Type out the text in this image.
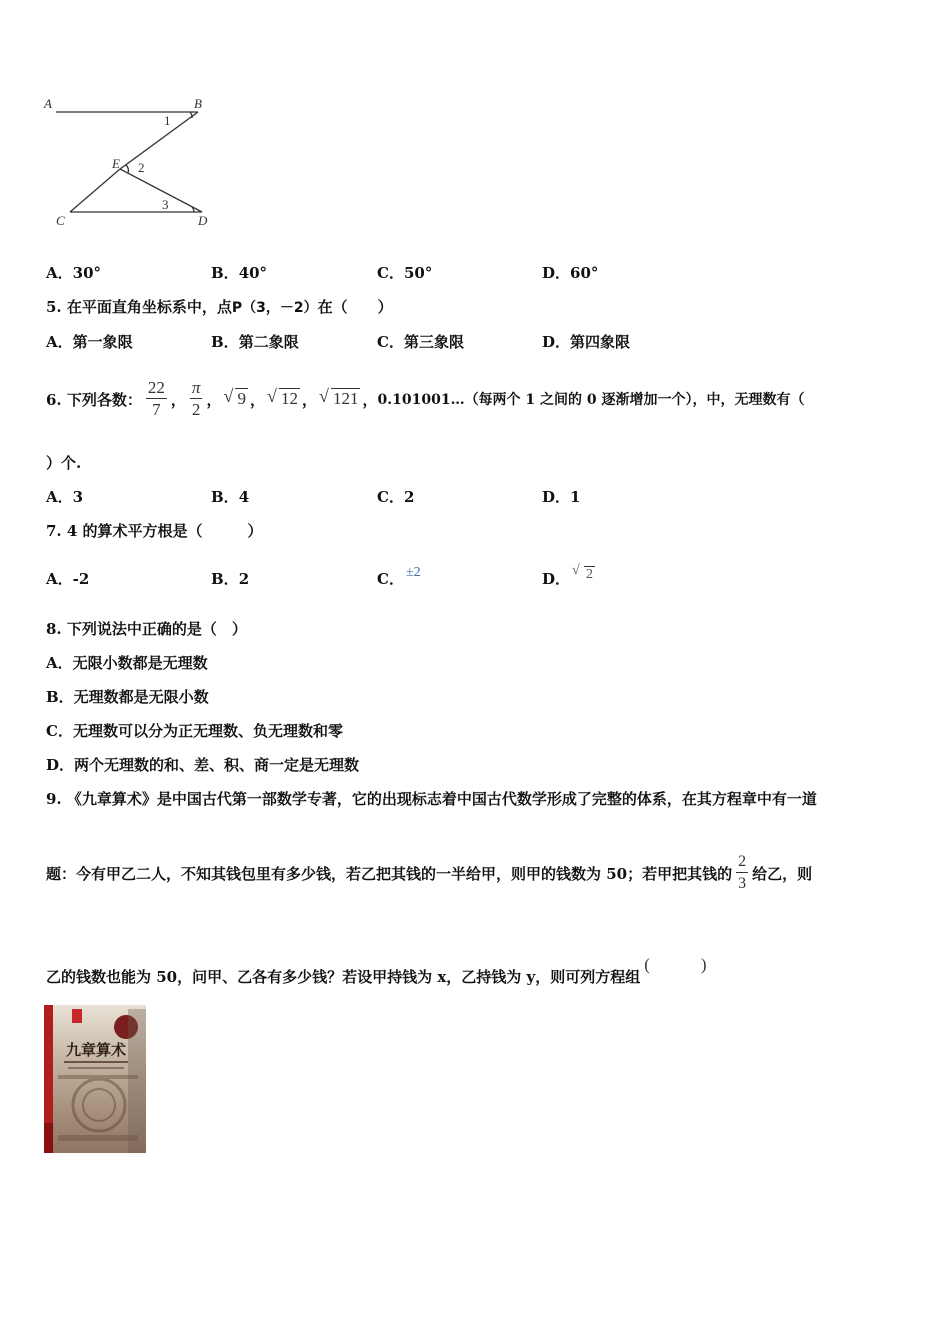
A	B
E
C	D
1
2
3
A．30°	B．40°	C．50°	D．60°
5. 在平面直角坐标系中，点P（3，－2）在（　　）
A．第一象限	B．第二象限	C．第三象限	D．第四象限
6. 下列各数： $\frac{22}{7}$ ， $\frac{\pi}{2}$ ， √ 9 ， √ 12 ， √ 121 ， 0.101001…（每两个 1 之间的 0 逐渐增加一个），中，无理数有（
）个.
A．3	B．4	C．2	D．1
7. 4 的算术平方根是（　　　）
A．-2	B．2	C． ±2	D． √ 2
8. 下列说法中正确的是（　）
A．无限小数都是无理数
B．无理数都是无限小数
C．无理数可以分为正无理数、负无理数和零
D．两个无理数的和、差、积、商一定是无理数
9. 《九章算术》是中国古代第一部数学专著，它的出现标志着中国古代数学形成了完整的体系，在其方程章中有一道
题：今有甲乙二人，不知其钱包里有多少钱，若乙把其钱的一半给甲，则甲的钱数为 50；若甲把其钱的 $\frac{2}{3}$ 给乙，则
乙的钱数也能为 50，问甲、乙各有多少钱？若设甲持钱为 x，乙持钱为 y，则可列方程组(　　　)
九章算术
